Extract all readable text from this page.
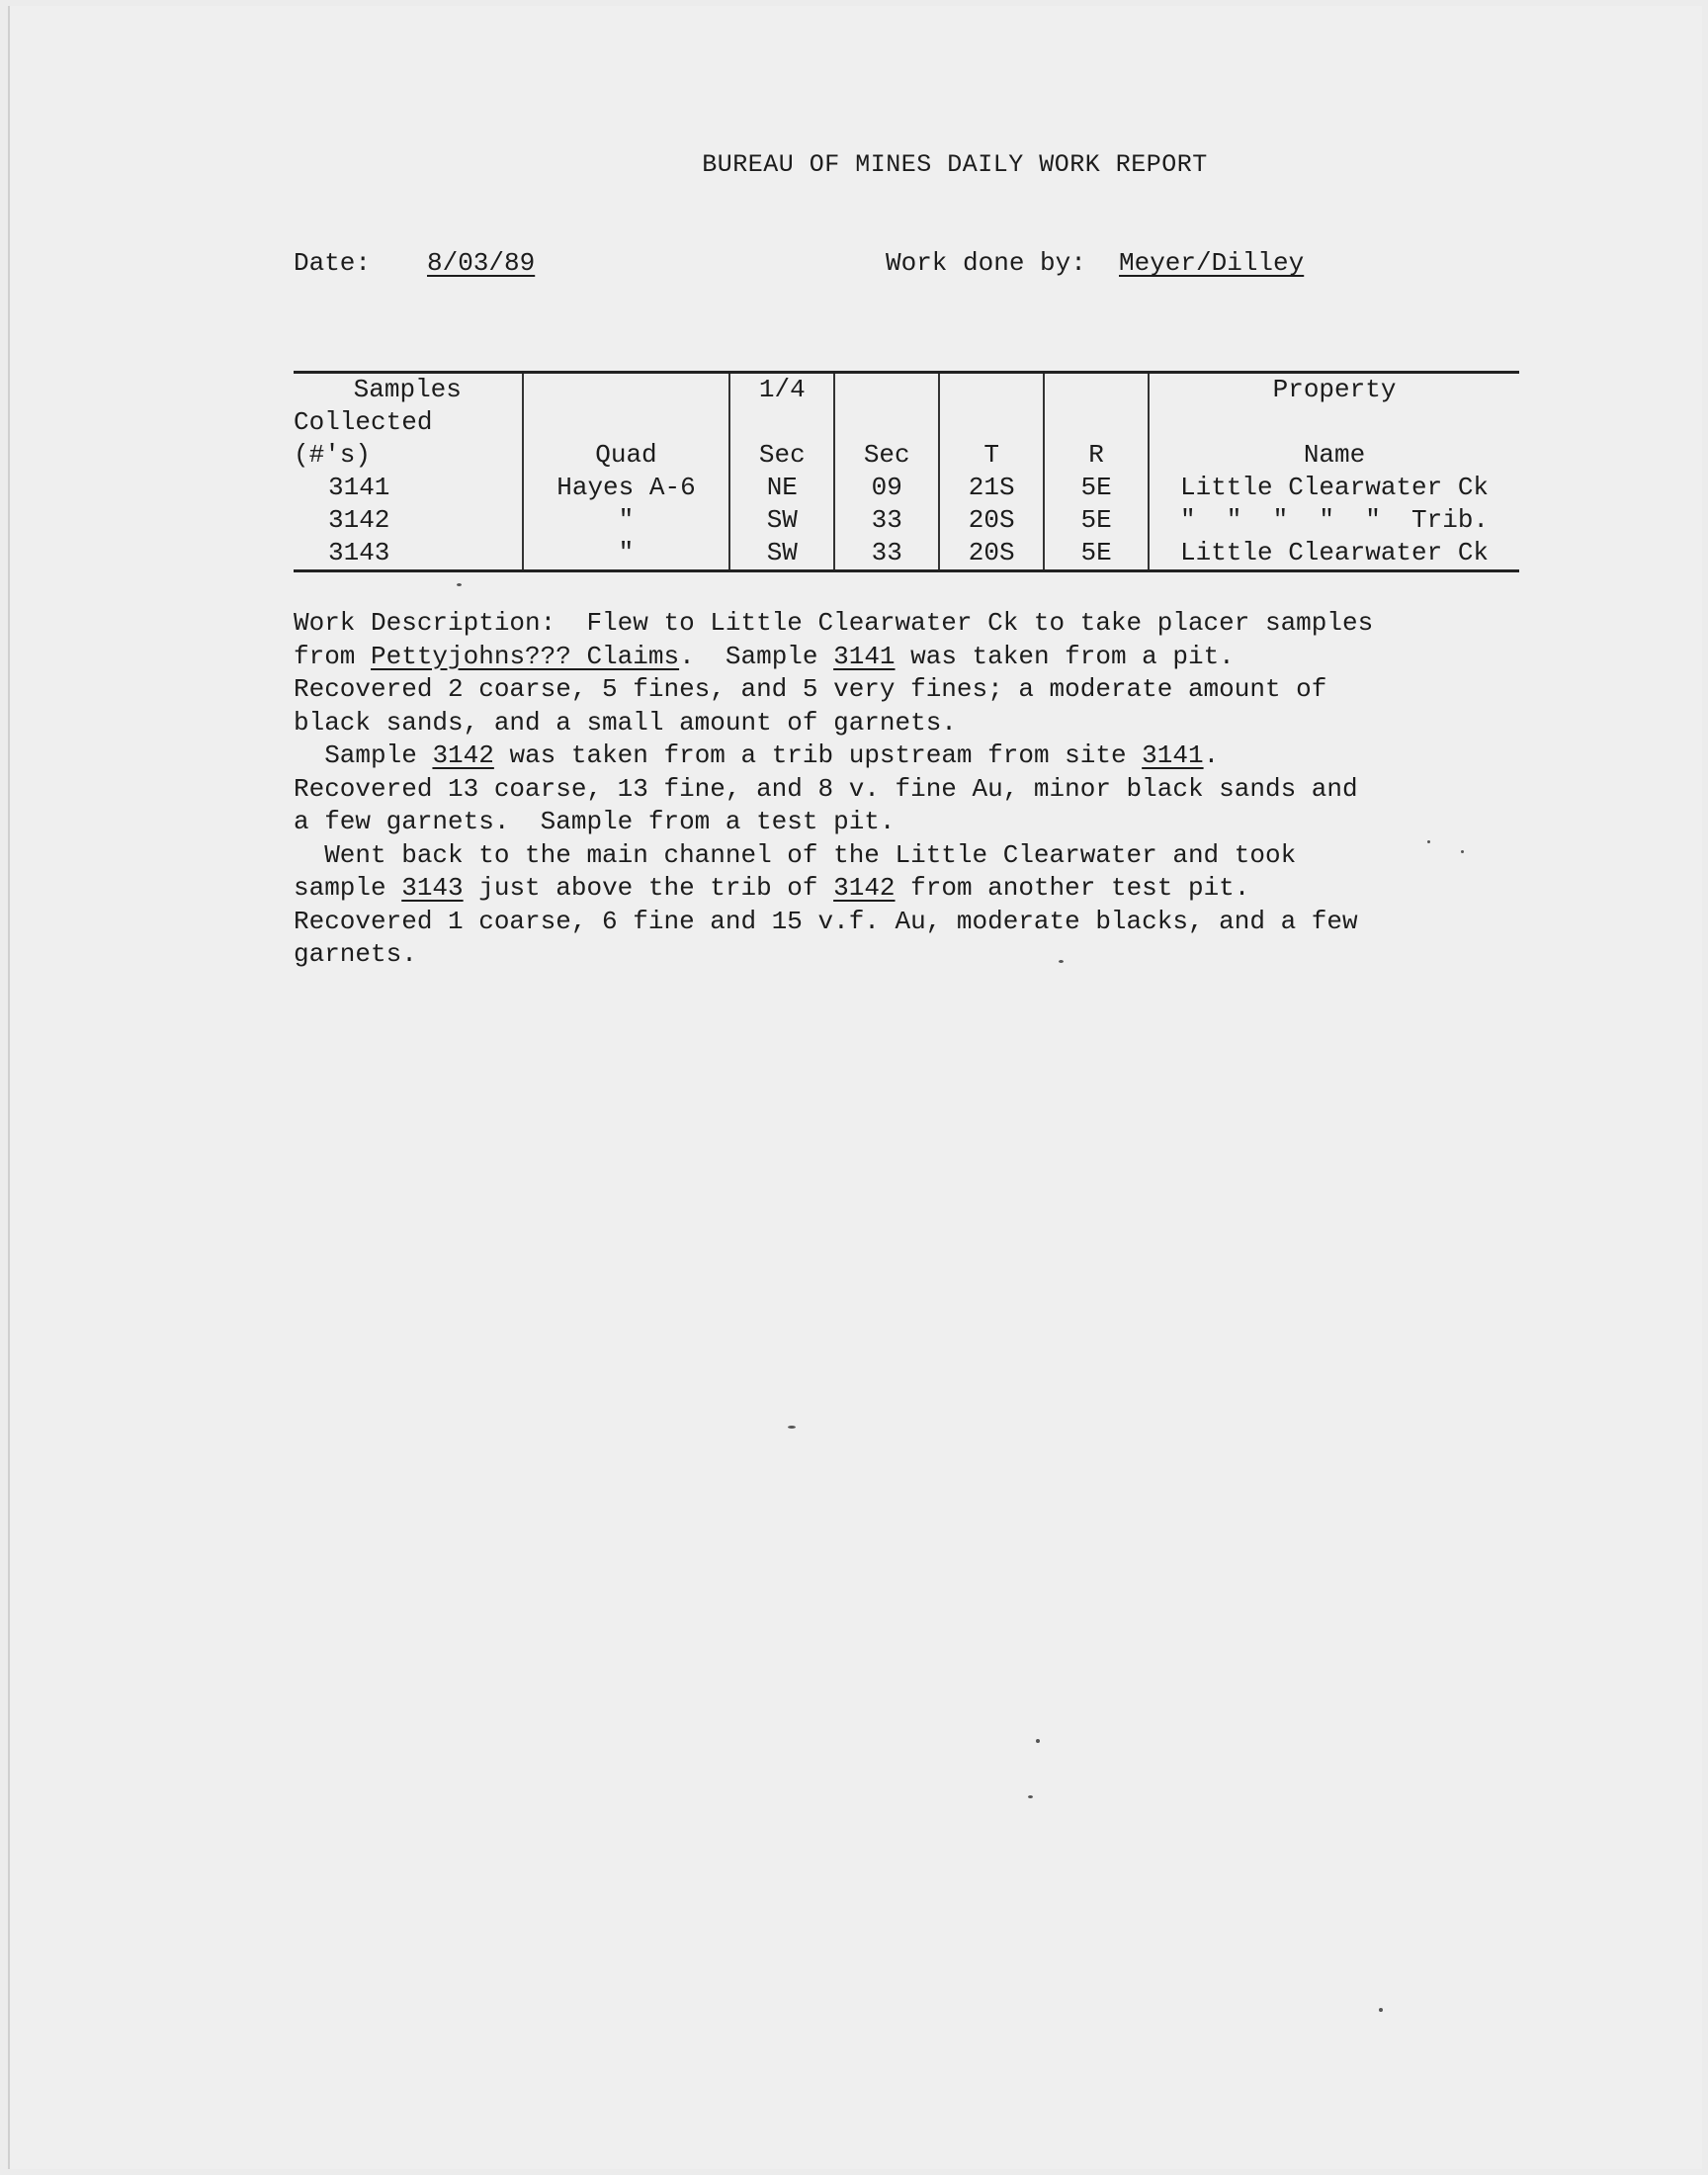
BUREAU OF MINES DAILY WORK REPORT
Date: 8/03/89	Work done by: Meyer/Dilley
Samples		1/4				Property
Collected (#'s)	Quad	Sec	Sec	T	R	Name
3141	Hayes A-6	NE	09	21S	5E	Little Clearwater Ck
3142	"	SW	33	20S	5E	"  "  "  "  "  Trib.
3143	"	SW	33	20S	5E	Little Clearwater Ck
Work Description:  Flew to Little Clearwater Ck to take placer samples
from Pettyjohns??? Claims.  Sample 3141 was taken from a pit.
Recovered 2 coarse, 5 fines, and 5 very fines; a moderate amount of
black sands, and a small amount of garnets.
Sample 3142 was taken from a trib upstream from site 3141.
Recovered 13 coarse, 13 fine, and 8 v. fine Au, minor black sands and
a few garnets.  Sample from a test pit.
Went back to the main channel of the Little Clearwater and took
sample 3143 just above the trib of 3142 from another test pit.
Recovered 1 coarse, 6 fine and 15 v.f. Au, moderate blacks, and a few
garnets.
